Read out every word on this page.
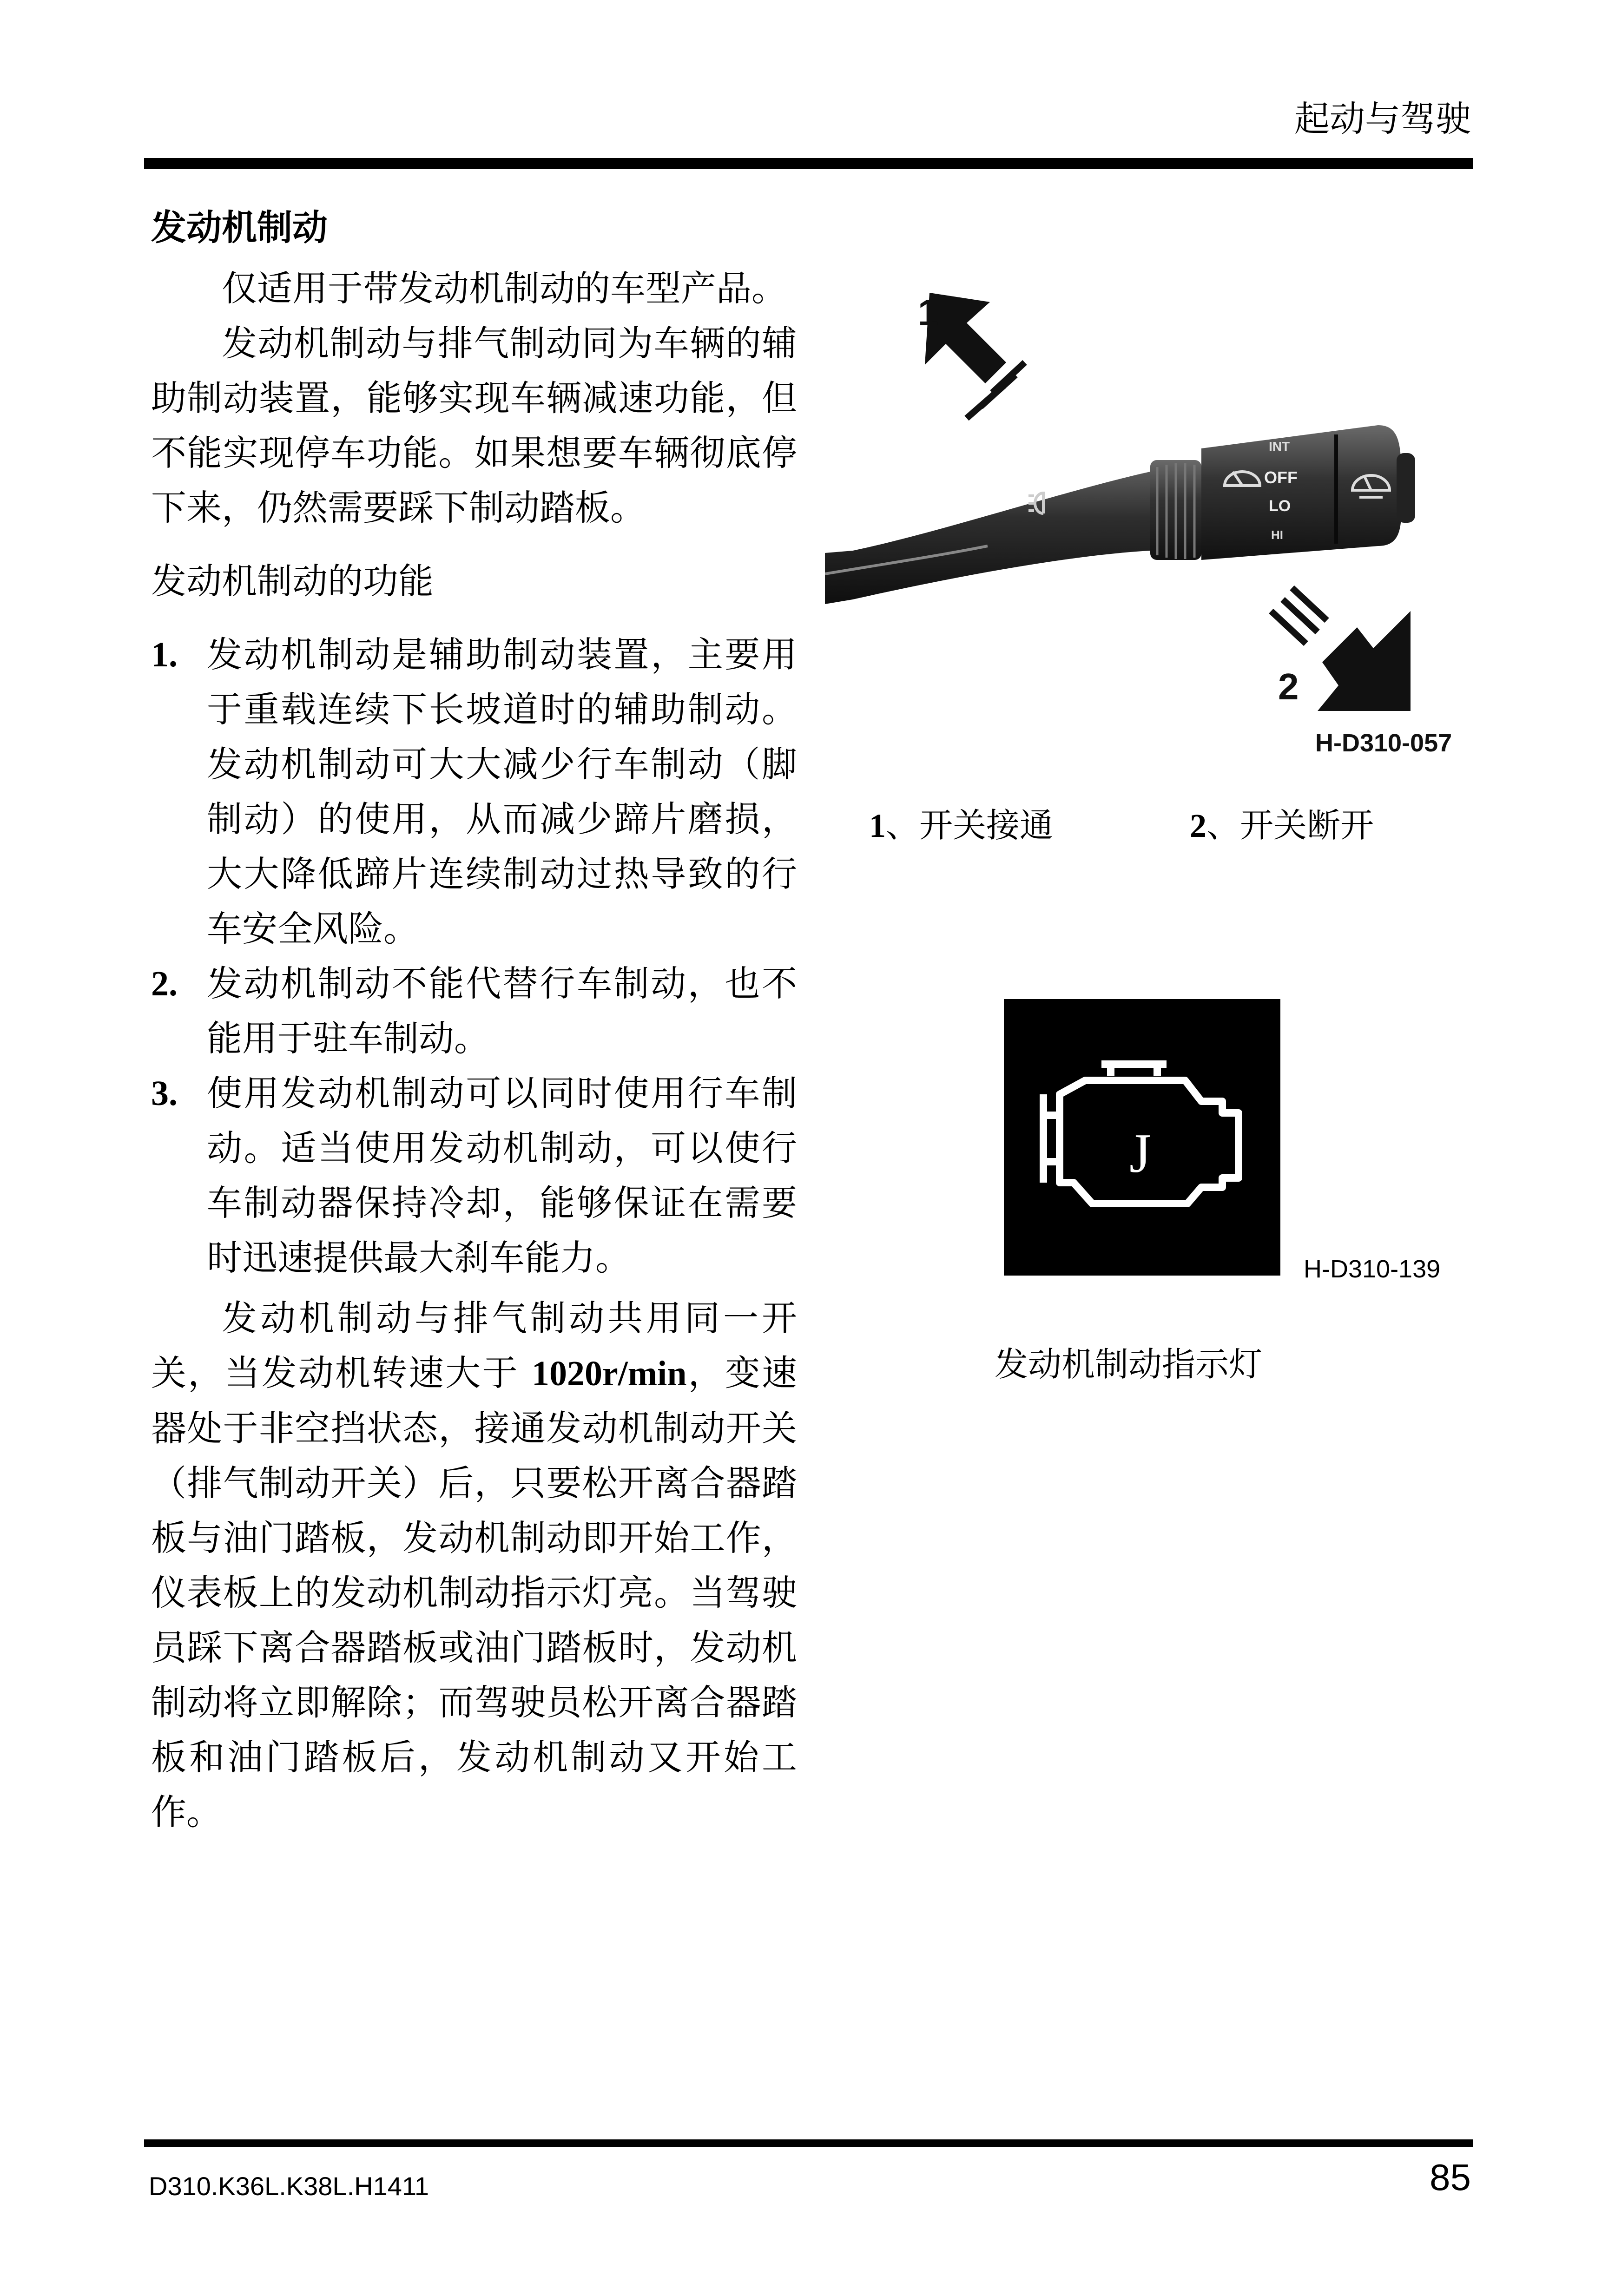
起动与驾驶
发动机制动

仅适用于带发动机制动的车型产品。

发动机制动与排气制动同为车辆的辅助制动装置，能够实现车辆减速功能，但不能实现停车功能。如果想要车辆彻底停下来，仍然需要踩下制动踏板。

发动机制动的功能
1. 发动机制动是辅助制动装置，主要用于重载连续下长坡道时的辅助制动。发动机制动可大大减少行车制动（脚制动）的使用，从而减少蹄片磨损，大大降低蹄片连续制动过热导致的行车安全风险。
2. 发动机制动不能代替行车制动，也不能用于驻车制动。
3. 使用发动机制动可以同时使用行车制动。适当使用发动机制动，可以使行车制动器保持冷却，能够保证在需要时迅速提供最大刹车能力。

发动机制动与排气制动共用同一开关，当发动机转速大于 1020r/min，变速器处于非空挡状态，接通发动机制动开关（排气制动开关）后，只要松开离合器踏板与油门踏板，发动机制动即开始工作，仪表板上的发动机制动指示灯亮。当驾驶员踩下离合器踏板或油门踏板时，发动机制动将立即解除；而驾驶员松开离合器踏板和油门踏板后，发动机制动又开始工作。

1
INT
OFF
LO
HI
2
H-D310-057
1、开关接通	2、开关断开
J
H-D310-139
发动机制动指示灯
D310.K36L.K38L.H1411	85
